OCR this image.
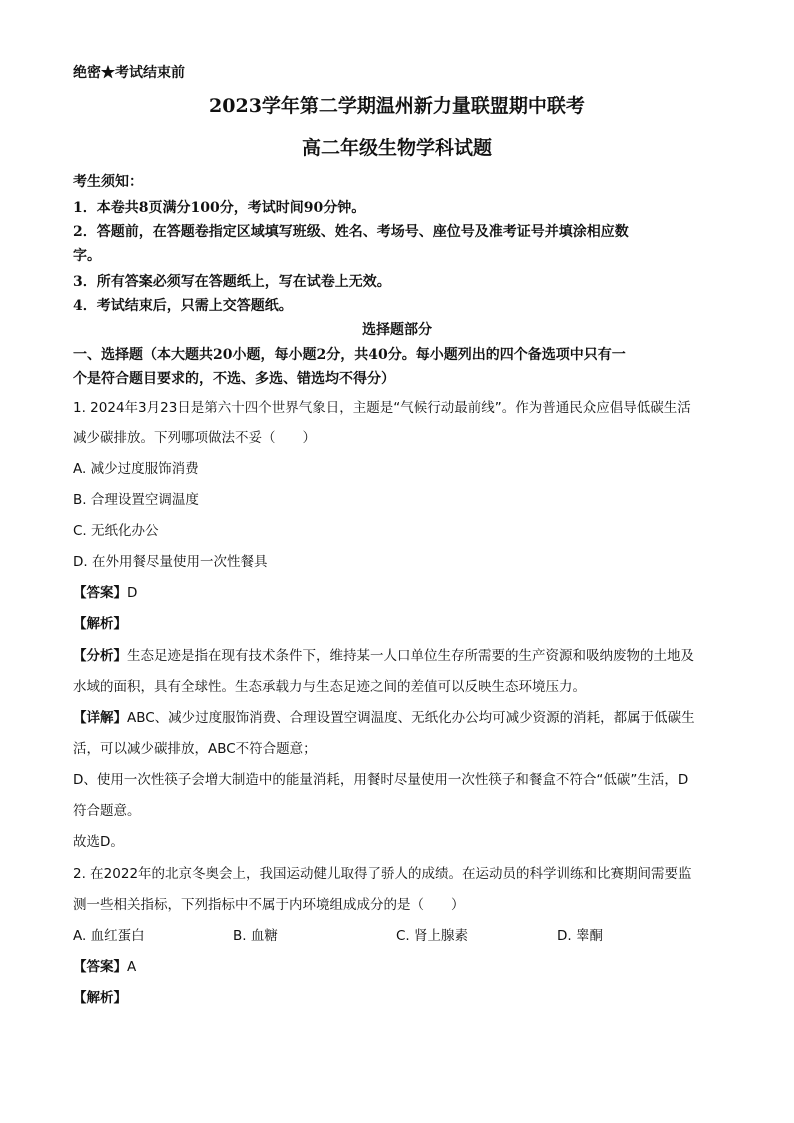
绝密★考试结束前
2023学年第二学期温州新力量联盟期中联考
高二年级生物学科试题
考生须知：
1．本卷共8页满分100分，考试时间90分钟。
2．答题前，在答题卷指定区域填写班级、姓名、考场号、座位号及准考证号并填涂相应数
字。
3．所有答案必须写在答题纸上，写在试卷上无效。
4．考试结束后，只需上交答题纸。
选择题部分
一、选择题（本大题共20小题，每小题2分，共40分。每小题列出的四个备选项中只有一
个是符合题目要求的，不选、多选、错选均不得分）
1. 2024年3月23日是第六十四个世界气象日，主题是“气候行动最前线”。作为普通民众应倡导低碳生活
减少碳排放。下列哪项做法不妥（　　）
A. 减少过度服饰消费
B. 合理设置空调温度
C. 无纸化办公
D. 在外用餐尽量使用一次性餐具
【答案】D
【解析】
【分析】生态足迹是指在现有技术条件下，维持某一人口单位生存所需要的生产资源和吸纳废物的土地及
水域的面积，具有全球性。生态承载力与生态足迹之间的差值可以反映生态环境压力。
【详解】ABC、减少过度服饰消费、合理设置空调温度、无纸化办公均可减少资源的消耗，都属于低碳生
活，可以减少碳排放，ABC不符合题意；
D、使用一次性筷子会增大制造中的能量消耗，用餐时尽量使用一次性筷子和餐盒不符合“低碳”生活，D
符合题意。
故选D。
2. 在2022年的北京冬奥会上，我国运动健儿取得了骄人的成绩。在运动员的科学训练和比赛期间需要监
测一些相关指标，下列指标中不属于内环境组成成分的是（　　）
A. 血红蛋白	B. 血糖	C. 肾上腺素	D. 睾酮
【答案】A
【解析】
